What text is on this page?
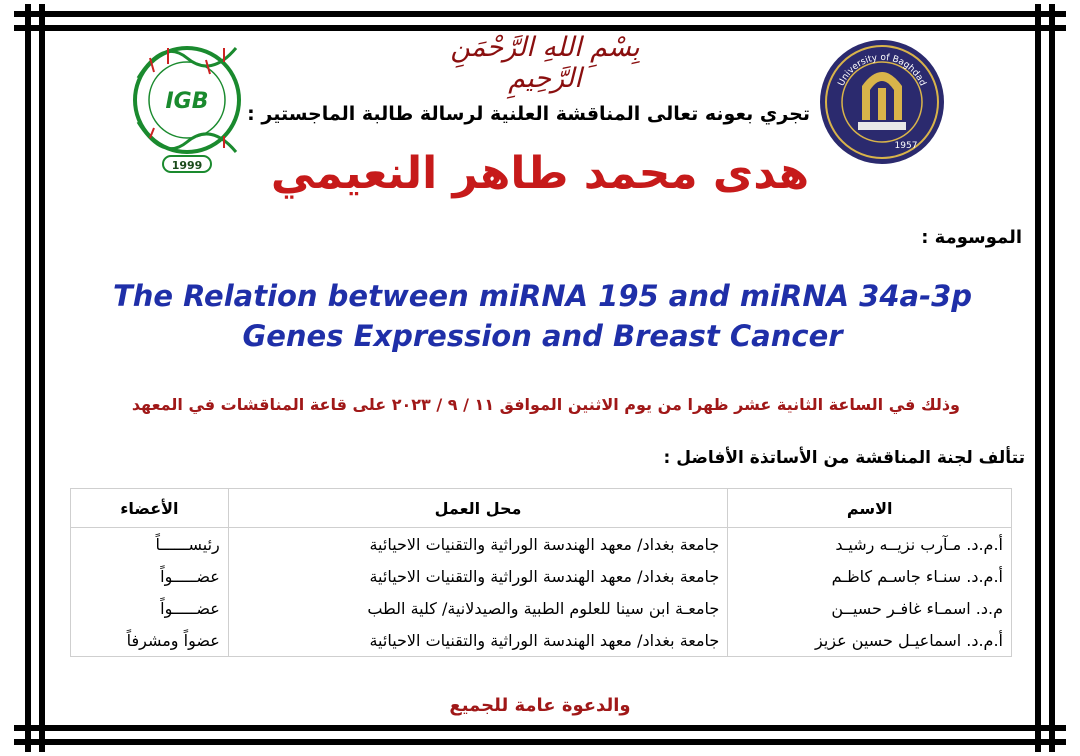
IGB
1999
University of Baghdad
1957
بِسْمِ اللهِ الرَّحْمَنِ الرَّحِيمِ
تجري بعونه تعالى المناقشة العلنية لرسالة طالبة الماجستير :
هدى محمد طاهر النعيمي
الموسومة :
The Relation between miRNA 195 and miRNA 34a-3p
Genes Expression and Breast Cancer
وذلك في الساعة الثانية عشر ظهرا من يوم الاثنين الموافق ١١ / ٩ / ٢٠٢٣ على قاعة المناقشات في المعهد
تتألف لجنة المناقشة من الأساتذة الأفاضل :
الاسم	محل العمل	الأعضاء
أ.م.د. مـآرب نزيــه رشيـد	جامعة بغداد/ معهد الهندسة الوراثية والتقنيات الاحيائية	رئيســــــاً
أ.م.د. سنـاء جاسـم كاظـم	جامعة بغداد/ معهد الهندسة الوراثية والتقنيات الاحيائية	عضـــــواً
م.د. اسمـاء غافـر حسيــن	جامعـة ابن سينا للعلوم الطبية والصيدلانية/ كلية الطب	عضـــــواً
أ.م.د. اسماعيـل حسين عزيز	جامعة بغداد/ معهد الهندسة الوراثية والتقنيات الاحيائية	عضواً ومشرفاً
والدعوة عامة للجميع
